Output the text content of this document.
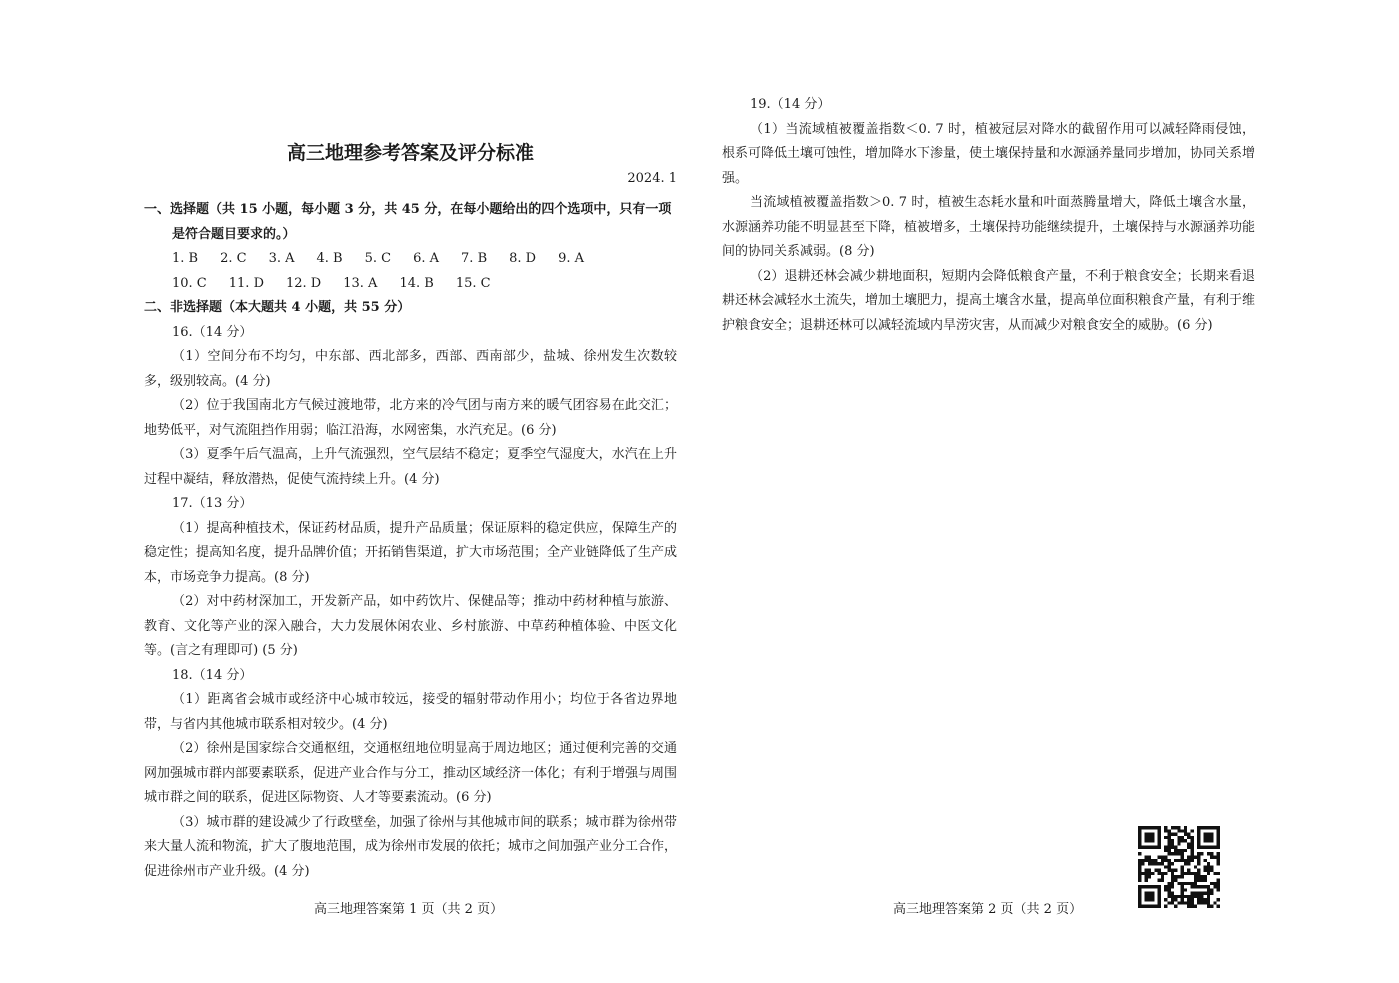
高三地理参考答案及评分标准
2024. 1
一、选择题（共 15 小题，每小题 3 分，共 45 分，在每小题给出的四个选项中，只有一项是符合题目要求的。）
1. B 2. C 3. A 4. B 5. C 6. A 7. B 8. D 9. A
10. C 11. D 12. D 13. A 14. B 15. C
二、非选择题（本大题共 4 小题，共 55 分）
16.（14 分）
（1）空间分布不均匀，中东部、西北部多，西部、西南部少，盐城、徐州发生次数较多，级别较高。(4 分)
（2）位于我国南北方气候过渡地带，北方来的冷气团与南方来的暖气团容易在此交汇；地势低平，对气流阻挡作用弱；临江沿海，水网密集，水汽充足。(6 分)
（3）夏季午后气温高，上升气流强烈，空气层结不稳定；夏季空气湿度大，水汽在上升过程中凝结，释放潜热，促使气流持续上升。(4 分)
17.（13 分）
（1）提高种植技术，保证药材品质，提升产品质量；保证原料的稳定供应，保障生产的稳定性；提高知名度，提升品牌价值；开拓销售渠道，扩大市场范围；全产业链降低了生产成本，市场竞争力提高。(8 分)
（2）对中药材深加工，开发新产品，如中药饮片、保健品等；推动中药材种植与旅游、教育、文化等产业的深入融合，大力发展休闲农业、乡村旅游、中草药种植体验、中医文化等。(言之有理即可) (5 分)
18.（14 分）
（1）距离省会城市或经济中心城市较远，接受的辐射带动作用小；均位于各省边界地带，与省内其他城市联系相对较少。(4 分)
（2）徐州是国家综合交通枢纽，交通枢纽地位明显高于周边地区；通过便利完善的交通网加强城市群内部要素联系，促进产业合作与分工，推动区域经济一体化；有利于增强与周围城市群之间的联系，促进区际物资、人才等要素流动。(6 分)
（3）城市群的建设减少了行政壁垒，加强了徐州与其他城市间的联系；城市群为徐州带来大量人流和物流，扩大了腹地范围，成为徐州市发展的依托；城市之间加强产业分工合作，促进徐州市产业升级。(4 分)
19.（14 分）
（1）当流域植被覆盖指数＜0. 7 时，植被冠层对降水的截留作用可以减轻降雨侵蚀，根系可降低土壤可蚀性，增加降水下渗量，使土壤保持量和水源涵养量同步增加，协同关系增强。
当流域植被覆盖指数＞0. 7 时，植被生态耗水量和叶面蒸腾量增大，降低土壤含水量，水源涵养功能不明显甚至下降，植被增多，土壤保持功能继续提升，土壤保持与水源涵养功能间的协同关系减弱。(8 分)
（2）退耕还林会减少耕地面积，短期内会降低粮食产量，不利于粮食安全；长期来看退耕还林会减轻水土流失，增加土壤肥力，提高土壤含水量，提高单位面积粮食产量，有利于维护粮食安全；退耕还林可以减轻流域内旱涝灾害，从而减少对粮食安全的威胁。(6 分)
高三地理答案第 1 页（共 2 页）	高三地理答案第 2 页（共 2 页）
